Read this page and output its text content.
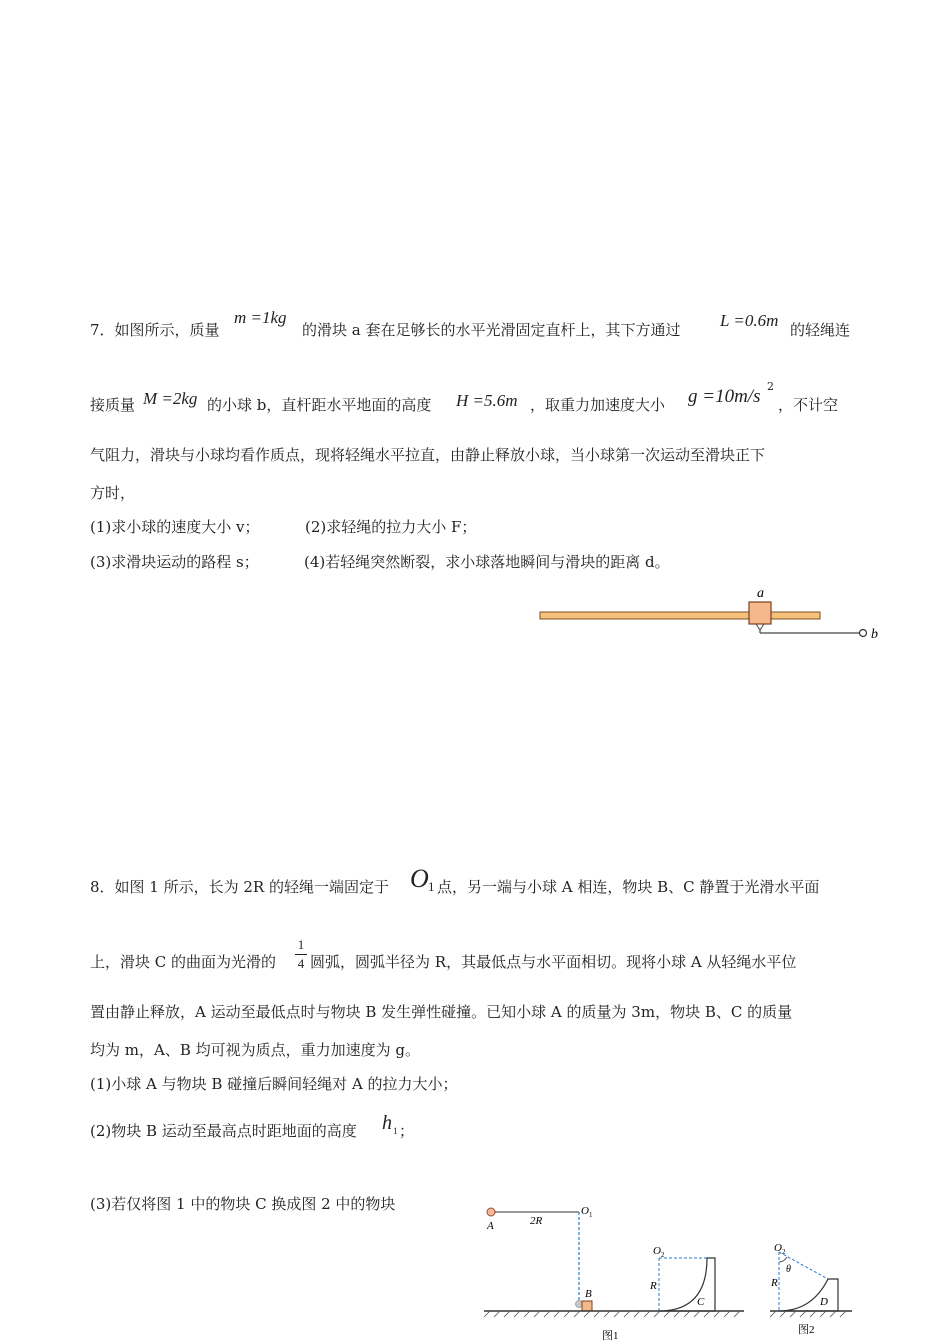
7．如图所示，质量
m =1kg
的滑块 a 套在足够长的水平光滑固定直杆上，其下方通过 L =0.6m 的轻绳连
接质量 M =2kg 的小球 b，直杆距水平地面的高度 H =5.6m ，取重力加速度大小 g =10m/s 2
，不计空
气阻力，滑块与小球均看作质点，现将轻绳水平拉直，由静止释放小球，当小球第一次运动至滑块正下
方时，
(1)求小球的速度大小 v；	(2)求轻绳的拉力大小 F；
(3)求滑块运动的路程 s；	(4)若轻绳突然断裂，求小球落地瞬间与滑块的距离 d。
a
b
8．如图 1 所示，长为 2R 的轻绳一端固定于 O 1 点，另一端与小球 A 相连，物块 B、C 静置于光滑水平面
上，滑块 C 的曲面为光滑的
1
4 圆弧，圆弧半径为 R，其最低点与水平面相切。现将小球 A 从轻绳水平位
置由静止释放，A 运动至最低点时与物块 B 发生弹性碰撞。已知小球 A 的质量为 3m，物块 B、C 的质量
均为 m，A、B 均可视为质点，重力加速度为 g。
(1)小球 A 与物块 B 碰撞后瞬间轻绳对 A 的拉力大小；
(2)物块 B 运动至最高点时距地面的高度 h 1 ；
(3)若仅将图 1 中的物块 C 换成图 2 中的物块
A	2R
O 1
B
O 2
R
C
图1
O 2
θ
R
D
图2
